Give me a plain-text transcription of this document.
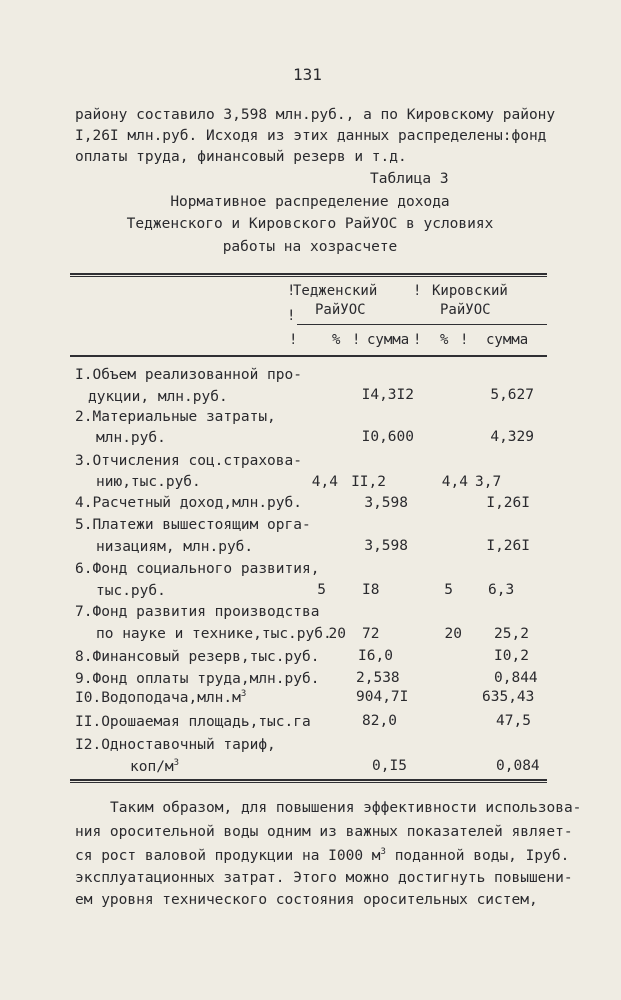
131
району составило 3,598 млн.руб., а по Кировскому району
I,26I млн.руб. Исходя из этих данных распределены:фонд
оплаты труда, финансовый резерв и т.д.
Таблица 3
Нормативное распределение дохода
Тедженского и Кировского РайУОС в условиях
работы на хозрасчете
!
Тедженский	! Кировский
! РайУОС	РайУОС
! % ! сумма ! % ! сумма
I.Объем реализованной про-
дукции, млн.руб.	I4,3I2	5,627
2.Материальные затраты,
млн.руб.	I0,600	4,329
3.Отчисления соц.страхова-
нию,тыс.руб.	4,4 II,2	4,4 3,7
4.Расчетный доход,млн.руб.	3,598	I,26I
5.Платежи вышестоящим орга-
низациям, млн.руб.	3,598	I,26I
6.Фонд социального развития,
тыс.руб.	5 I8	5 6,3
7.Фонд развития производства
по науке и технике,тыс.руб.
20 72	20 25,2
8.Финансовый резерв,тыс.руб.	I6,0	I0,2
9.Фонд оплаты труда,млн.руб.	2,538	0,844
$I0.Водоподача,млн.м^3$	904,7I	635,43
II.Орошаемая площадь,тыс.га	82,0	47,5
I2.Одноставочный тариф,
коп/$м^3$	0,I5	0,084
Таким образом, для повышения эффективности использова-
ния оросительной воды одним из важных показателей являет-
ся рост валовой продукции на I000 $м^3$ поданной воды, Iруб.
эксплуатационных затрат. Этого можно достигнуть повышени-
ем уровня технического состояния оросительных систем,
